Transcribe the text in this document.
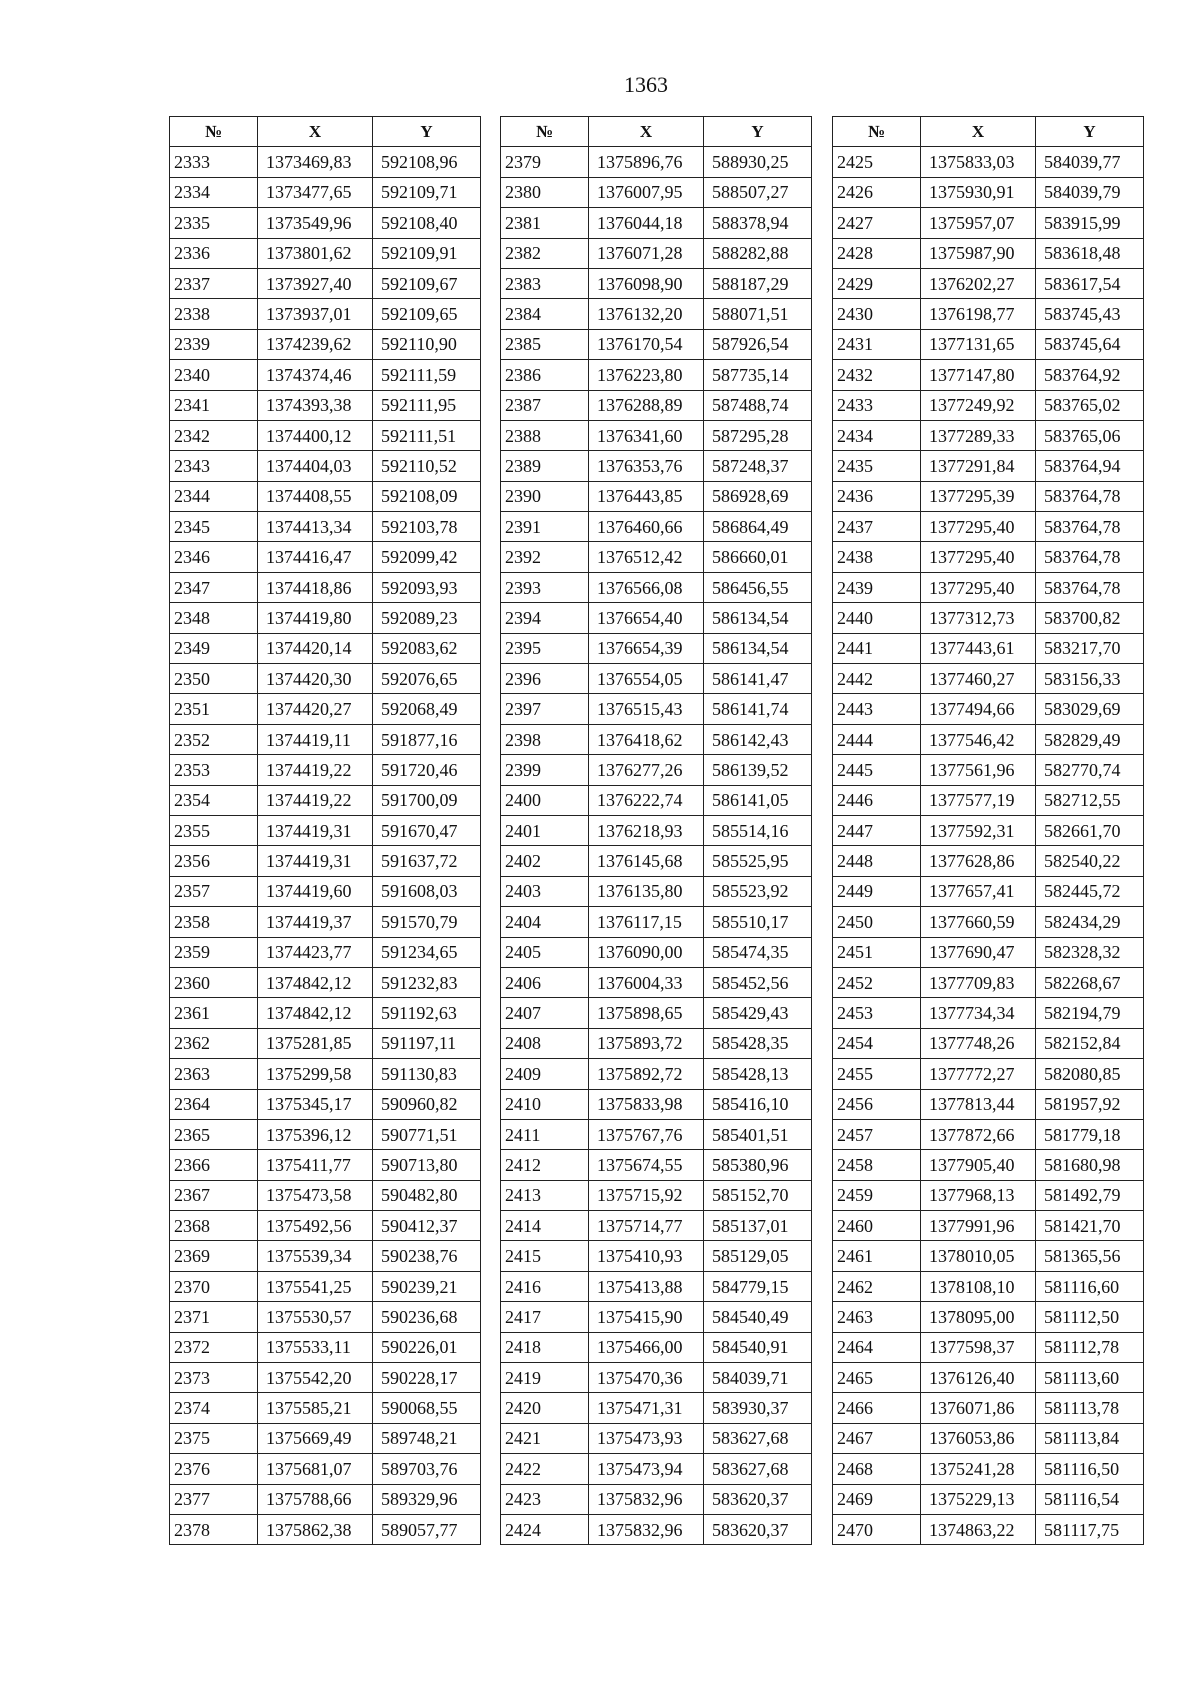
1363
№	X	Y
2333	1373469,83	592108,96
2334	1373477,65	592109,71
2335	1373549,96	592108,40
2336	1373801,62	592109,91
2337	1373927,40	592109,67
2338	1373937,01	592109,65
2339	1374239,62	592110,90
2340	1374374,46	592111,59
2341	1374393,38	592111,95
2342	1374400,12	592111,51
2343	1374404,03	592110,52
2344	1374408,55	592108,09
2345	1374413,34	592103,78
2346	1374416,47	592099,42
2347	1374418,86	592093,93
2348	1374419,80	592089,23
2349	1374420,14	592083,62
2350	1374420,30	592076,65
2351	1374420,27	592068,49
2352	1374419,11	591877,16
2353	1374419,22	591720,46
2354	1374419,22	591700,09
2355	1374419,31	591670,47
2356	1374419,31	591637,72
2357	1374419,60	591608,03
2358	1374419,37	591570,79
2359	1374423,77	591234,65
2360	1374842,12	591232,83
2361	1374842,12	591192,63
2362	1375281,85	591197,11
2363	1375299,58	591130,83
2364	1375345,17	590960,82
2365	1375396,12	590771,51
2366	1375411,77	590713,80
2367	1375473,58	590482,80
2368	1375492,56	590412,37
2369	1375539,34	590238,76
2370	1375541,25	590239,21
2371	1375530,57	590236,68
2372	1375533,11	590226,01
2373	1375542,20	590228,17
2374	1375585,21	590068,55
2375	1375669,49	589748,21
2376	1375681,07	589703,76
2377	1375788,66	589329,96
2378	1375862,38	589057,77
№	X	Y
2379	1375896,76	588930,25
2380	1376007,95	588507,27
2381	1376044,18	588378,94
2382	1376071,28	588282,88
2383	1376098,90	588187,29
2384	1376132,20	588071,51
2385	1376170,54	587926,54
2386	1376223,80	587735,14
2387	1376288,89	587488,74
2388	1376341,60	587295,28
2389	1376353,76	587248,37
2390	1376443,85	586928,69
2391	1376460,66	586864,49
2392	1376512,42	586660,01
2393	1376566,08	586456,55
2394	1376654,40	586134,54
2395	1376654,39	586134,54
2396	1376554,05	586141,47
2397	1376515,43	586141,74
2398	1376418,62	586142,43
2399	1376277,26	586139,52
2400	1376222,74	586141,05
2401	1376218,93	585514,16
2402	1376145,68	585525,95
2403	1376135,80	585523,92
2404	1376117,15	585510,17
2405	1376090,00	585474,35
2406	1376004,33	585452,56
2407	1375898,65	585429,43
2408	1375893,72	585428,35
2409	1375892,72	585428,13
2410	1375833,98	585416,10
2411	1375767,76	585401,51
2412	1375674,55	585380,96
2413	1375715,92	585152,70
2414	1375714,77	585137,01
2415	1375410,93	585129,05
2416	1375413,88	584779,15
2417	1375415,90	584540,49
2418	1375466,00	584540,91
2419	1375470,36	584039,71
2420	1375471,31	583930,37
2421	1375473,93	583627,68
2422	1375473,94	583627,68
2423	1375832,96	583620,37
2424	1375832,96	583620,37
№	X	Y
2425	1375833,03	584039,77
2426	1375930,91	584039,79
2427	1375957,07	583915,99
2428	1375987,90	583618,48
2429	1376202,27	583617,54
2430	1376198,77	583745,43
2431	1377131,65	583745,64
2432	1377147,80	583764,92
2433	1377249,92	583765,02
2434	1377289,33	583765,06
2435	1377291,84	583764,94
2436	1377295,39	583764,78
2437	1377295,40	583764,78
2438	1377295,40	583764,78
2439	1377295,40	583764,78
2440	1377312,73	583700,82
2441	1377443,61	583217,70
2442	1377460,27	583156,33
2443	1377494,66	583029,69
2444	1377546,42	582829,49
2445	1377561,96	582770,74
2446	1377577,19	582712,55
2447	1377592,31	582661,70
2448	1377628,86	582540,22
2449	1377657,41	582445,72
2450	1377660,59	582434,29
2451	1377690,47	582328,32
2452	1377709,83	582268,67
2453	1377734,34	582194,79
2454	1377748,26	582152,84
2455	1377772,27	582080,85
2456	1377813,44	581957,92
2457	1377872,66	581779,18
2458	1377905,40	581680,98
2459	1377968,13	581492,79
2460	1377991,96	581421,70
2461	1378010,05	581365,56
2462	1378108,10	581116,60
2463	1378095,00	581112,50
2464	1377598,37	581112,78
2465	1376126,40	581113,60
2466	1376071,86	581113,78
2467	1376053,86	581113,84
2468	1375241,28	581116,50
2469	1375229,13	581116,54
2470	1374863,22	581117,75
